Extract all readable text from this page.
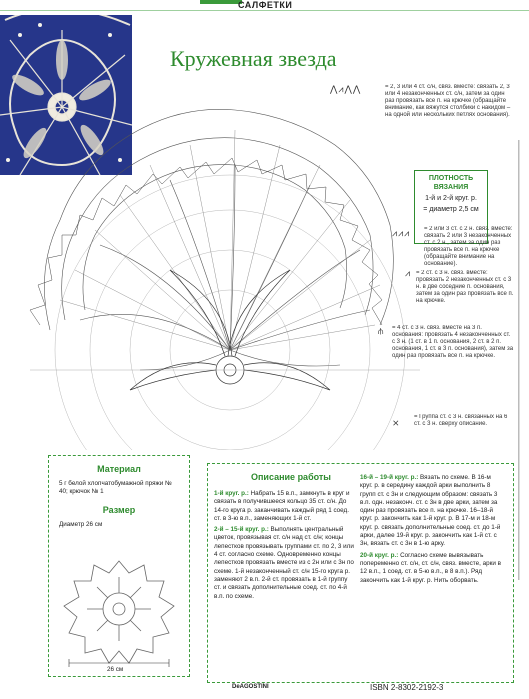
САЛФЕТКИ
Кружевная звезда
⋀⩘⋀⋀	= 2, 3 или 4 ст. с/н, связ. вместе: связать 2, 3 или 4 незаконченных ст. с/н, затем за один раз провязать все п. на крючке (обращайте внимание, как вяжутся столбики с накидом – на одной или нескольких петлях основания).
ПЛОТНОСТЬ ВЯЗАНИЯ
1-й и 2-й круг. р.
= диаметр 2,5 см
⩘⩘⩘ = 2 или 3 ст. с 2 н. связ. вместе: связать 2 или 3 незаконченных ст. с 2 н., затем за один раз провязать все п. на крючке (обращайте внимание на основание).
⩘ = 2 ст. с 3 н. связ. вместе: провязать 2 незаконченных ст. с 3 н. в две соседние п. основания, затем за один раз провязать все п. на крючке.
⫛ = 4 ст. с 3 н. связ. вместе на 3 п. основания: провязать 4 незаконченных ст. с 3 н. (1 ст. в 1 п. основания, 2 ст. в 2 п. основания, 1 ст. в 3 п. основания), затем за один раз провязать все п. на крючке.
⨯
= Группа ст. с 3 н. связанных на 6 ст. с 3 н. сверху описание.
Материал
5 г белой хлопчатобумажной пряжи № 40; крючок № 1
Размер
Диаметр 26 см
26 см
Описание работы

1-й круг. р.: Набрать 15 в.п., замкнуть в круг и связать в получившееся кольцо 35 ст. с/н. До 14-го круга р. заканчивать каждый ряд 1 соед. ст. в 3-ю в.п., заменяющих 1-й ст.

2-й – 15-й круг. р.: Выполнять центральный цветок, провязывая ст. с/н над ст. с/н; концы лепестков провязывать группами ст. по 2, 3 или 4 ст. согласно схеме. Одновременно концы лепестков провязать вместе из с 2н или с 3н по схеме. 1-й незаконченный ст. с/н 15-го круга р. заменяют 2 в.п. 2-й ст. провязать в 1-й группу ст. и связать дополнительные соед. ст. по 4-й в.п. по схеме.

16-й – 19-й круг. р.: Вязать по схеме. В 16-м круг. р. в середину каждой арки выполнить 8 групп ст. с 3н и следующим образом: связать 3 в.п. одн. незаконч. ст. с 3н в две арки, затем за один раз провязать все п. на крючке. 16–18-й круг. р. закончить как 1-й круг. р. В 17-м и 18-м круг. р. связать дополнительные соед. ст. до 1-й арки, далее 19-й круг. р. закончить как 1-й ст. с 3н, вязать ст. с 3н в 1-ю арку.

20-й круг. р.: Согласно схеме вывязывать попеременно ст. с/н, ст. с/н, связ. вместе, арки в 12 в.п., 1 соед. ст. в 5-ю в.п., в 8 в.п.). Ряд закончить как 1-й круг. р. Нить оборвать.

DeAGOSTINI	ISBN 2-8302-2192-3
